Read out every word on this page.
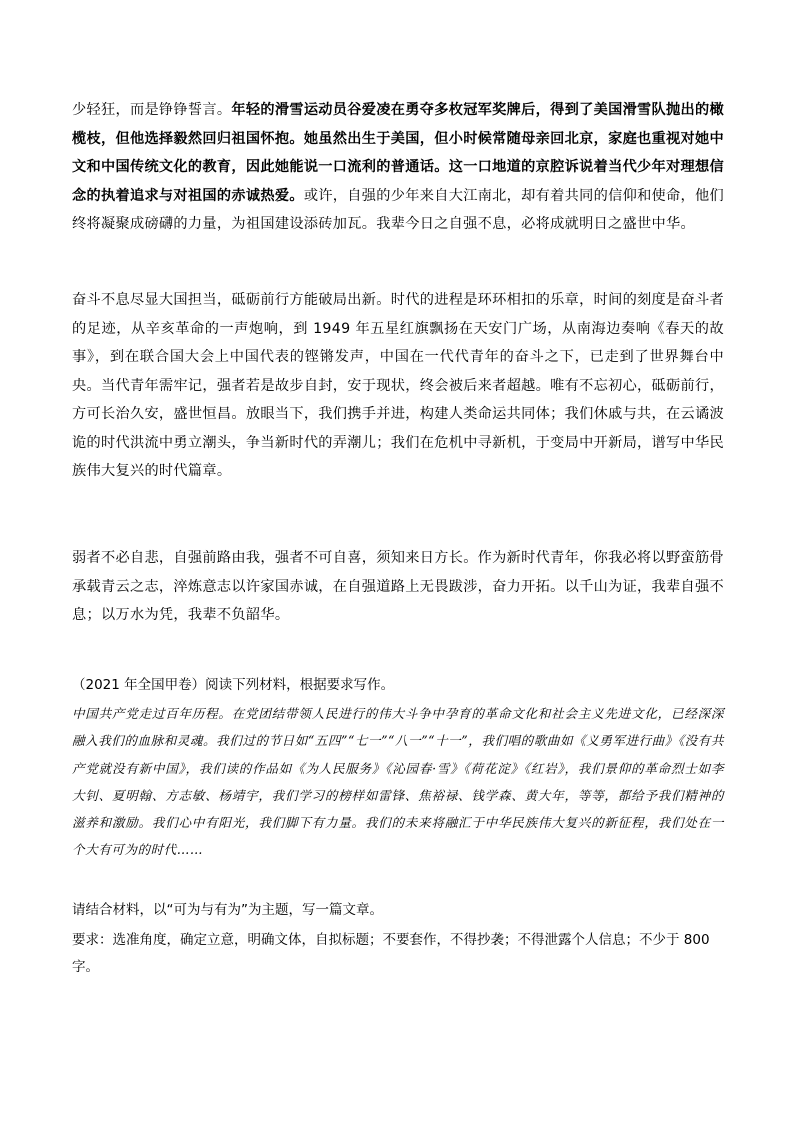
少轻狂，而是铮铮誓言。年轻的滑雪运动员谷爱凌在勇夺多枚冠军奖牌后，得到了美国滑雪队抛出的橄榄枝，但他选择毅然回归祖国怀抱。她虽然出生于美国，但小时候常随母亲回北京，家庭也重视对她中文和中国传统文化的教育，因此她能说一口流利的普通话。这一口地道的京腔诉说着当代少年对理想信念的执着追求与对祖国的赤诚热爱。或许，自强的少年来自大江南北，却有着共同的信仰和使命，他们终将凝聚成磅礴的力量，为祖国建设添砖加瓦。我辈今日之自强不息，必将成就明日之盛世中华。

奋斗不息尽显大国担当，砥砺前行方能破局出新。时代的进程是环环相扣的乐章，时间的刻度是奋斗者的足迹，从辛亥革命的一声炮响，到 1949 年五星红旗飘扬在天安门广场，从南海边奏响《春天的故事》，到在联合国大会上中国代表的铿锵发声，中国在一代代青年的奋斗之下，已走到了世界舞台中央。当代青年需牢记，强者若是故步自封，安于现状，终会被后来者超越。唯有不忘初心，砥砺前行，方可长治久安，盛世恒昌。放眼当下，我们携手并进，构建人类命运共同体；我们休戚与共，在云谲波诡的时代洪流中勇立潮头，争当新时代的弄潮儿；我们在危机中寻新机，于变局中开新局，谱写中华民族伟大复兴的时代篇章。

弱者不必自悲，自强前路由我，强者不可自喜，须知来日方长。作为新时代青年，你我必将以野蛮筋骨承载青云之志，淬炼意志以许家国赤诚，在自强道路上无畏跋涉，奋力开拓。以千山为证，我辈自强不息；以万水为凭，我辈不负韶华。

（2021 年全国甲卷）阅读下列材料，根据要求写作。

中国共产党走过百年历程。在党团结带领人民进行的伟大斗争中孕育的革命文化和社会主义先进文化，已经深深融入我们的血脉和灵魂。我们过的节日如“五四”“七一”“八一”“十一”，我们唱的歌曲如《义勇军进行曲》《没有共产党就没有新中国》，我们读的作品如《为人民服务》《沁园春·雪》《荷花淀》《红岩》，我们景仰的革命烈士如李大钊、夏明翰、方志敏、杨靖宇，我们学习的榜样如雷锋、焦裕禄、钱学森、黄大年，等等，都给予我们精神的滋养和激励。我们心中有阳光，我们脚下有力量。我们的未来将融汇于中华民族伟大复兴的新征程，我们处在一个大有可为的时代……

请结合材料，以“可为与有为”为主题，写一篇文章。

要求：选准角度，确定立意，明确文体，自拟标题；不要套作，不得抄袭；不得泄露个人信息；不少于 800 字。
